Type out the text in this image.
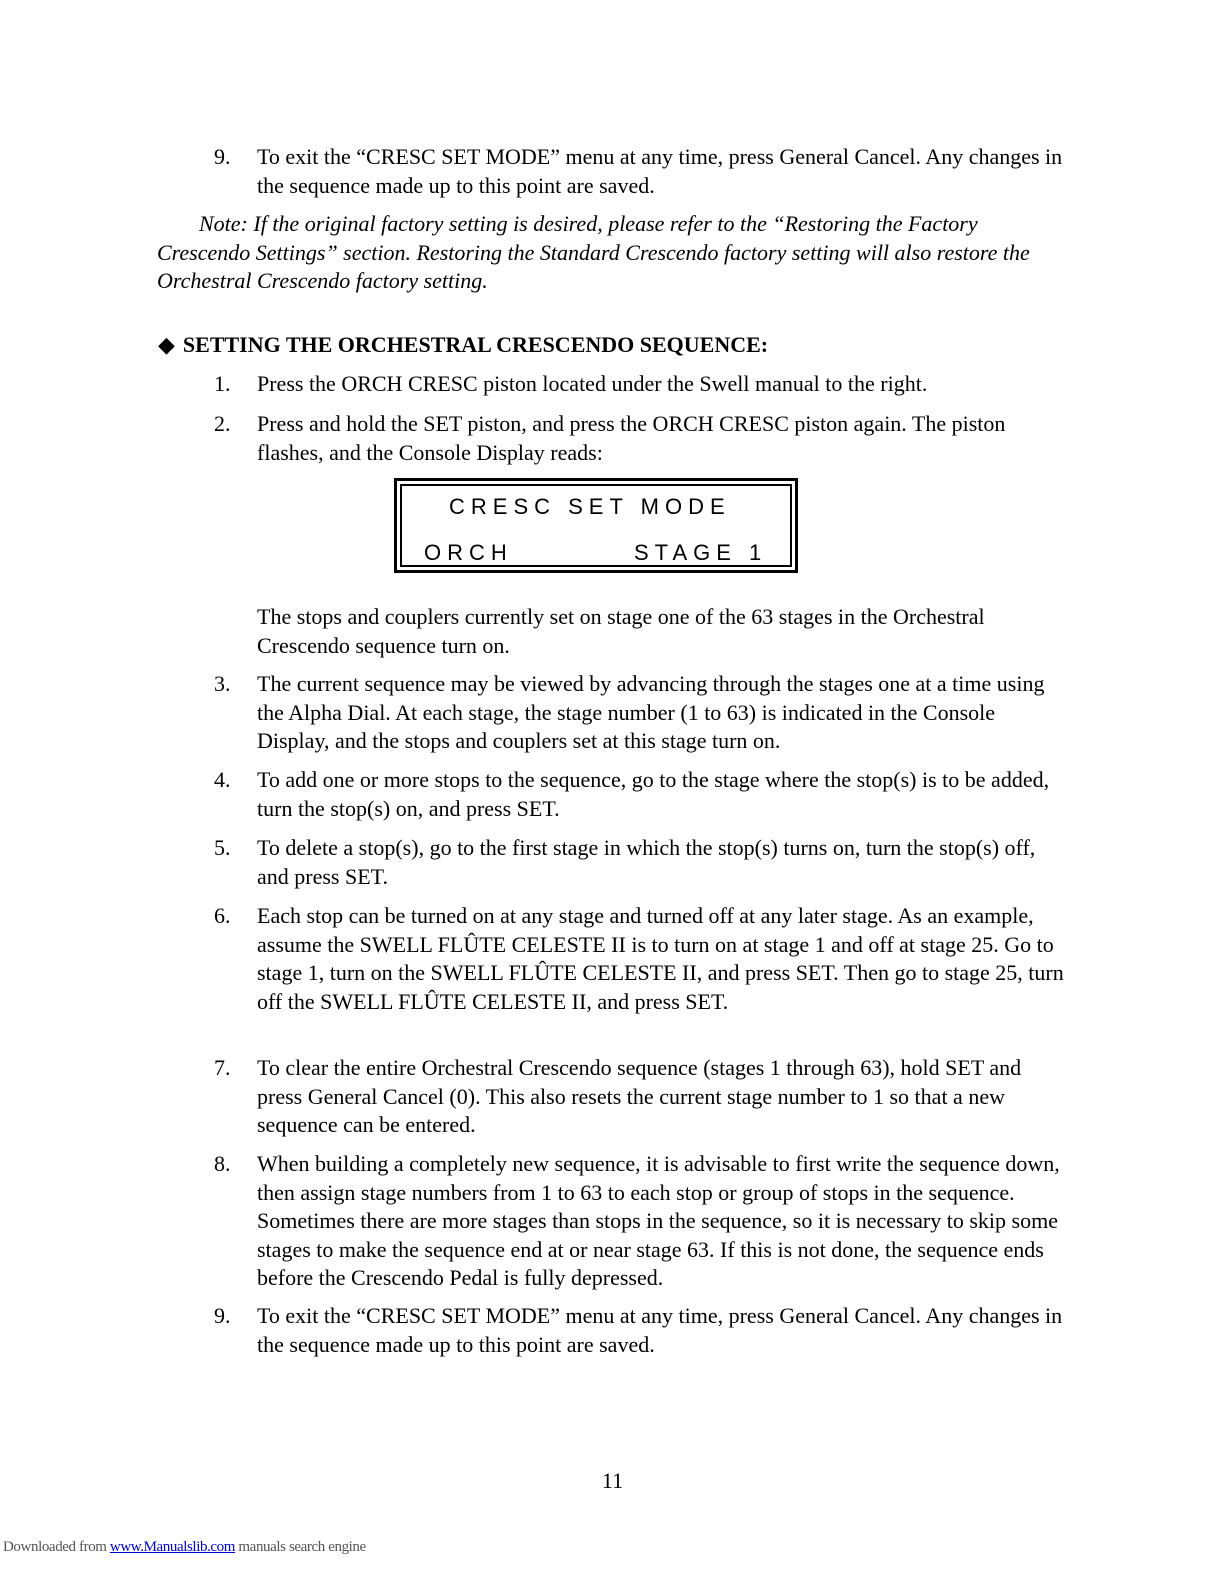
9.	To exit the “CRESC SET MODE” menu at any time, press General Cancel. Any changes in the sequence made up to this point are saved.
Note: If the original factory setting is desired, please refer to the “Restoring the Factory Crescendo Settings” section. Restoring the Standard Crescendo factory setting will also restore the Orchestral Crescendo factory setting.
◆ SETTING THE ORCHESTRAL CRESCENDO SEQUENCE:
1.	Press the ORCH CRESC piston located under the Swell manual to the right.
2.	Press and hold the SET piston, and press the ORCH CRESC piston again. The piston flashes, and the Console Display reads:
CRESC SET MODE
ORCH	STAGE 1
The stops and couplers currently set on stage one of the 63 stages in the Orchestral Crescendo sequence turn on.
3.	The current sequence may be viewed by advancing through the stages one at a time using the Alpha Dial. At each stage, the stage number (1 to 63) is indicated in the Console Display, and the stops and couplers set at this stage turn on.
4.	To add one or more stops to the sequence, go to the stage where the stop(s) is to be added, turn the stop(s) on, and press SET.
5.	To delete a stop(s), go to the first stage in which the stop(s) turns on, turn the stop(s) off, and press SET.
6.	Each stop can be turned on at any stage and turned off at any later stage. As an example, assume the SWELL FLÛTE CELESTE II is to turn on at stage 1 and off at stage 25. Go to stage 1, turn on the SWELL FLÛTE CELESTE II, and press SET. Then go to stage 25, turn off the SWELL FLÛTE CELESTE II, and press SET.
7.	To clear the entire Orchestral Crescendo sequence (stages 1 through 63), hold SET and press General Cancel (0). This also resets the current stage number to 1 so that a new sequence can be entered.
8.	When building a completely new sequence, it is advisable to first write the sequence down, then assign stage numbers from 1 to 63 to each stop or group of stops in the sequence. Sometimes there are more stages than stops in the sequence, so it is necessary to skip some stages to make the sequence end at or near stage 63. If this is not done, the sequence ends before the Crescendo Pedal is fully depressed.
9.	To exit the “CRESC SET MODE” menu at any time, press General Cancel. Any changes in the sequence made up to this point are saved.
11
Downloaded from www.Manualslib.com manuals search engine
